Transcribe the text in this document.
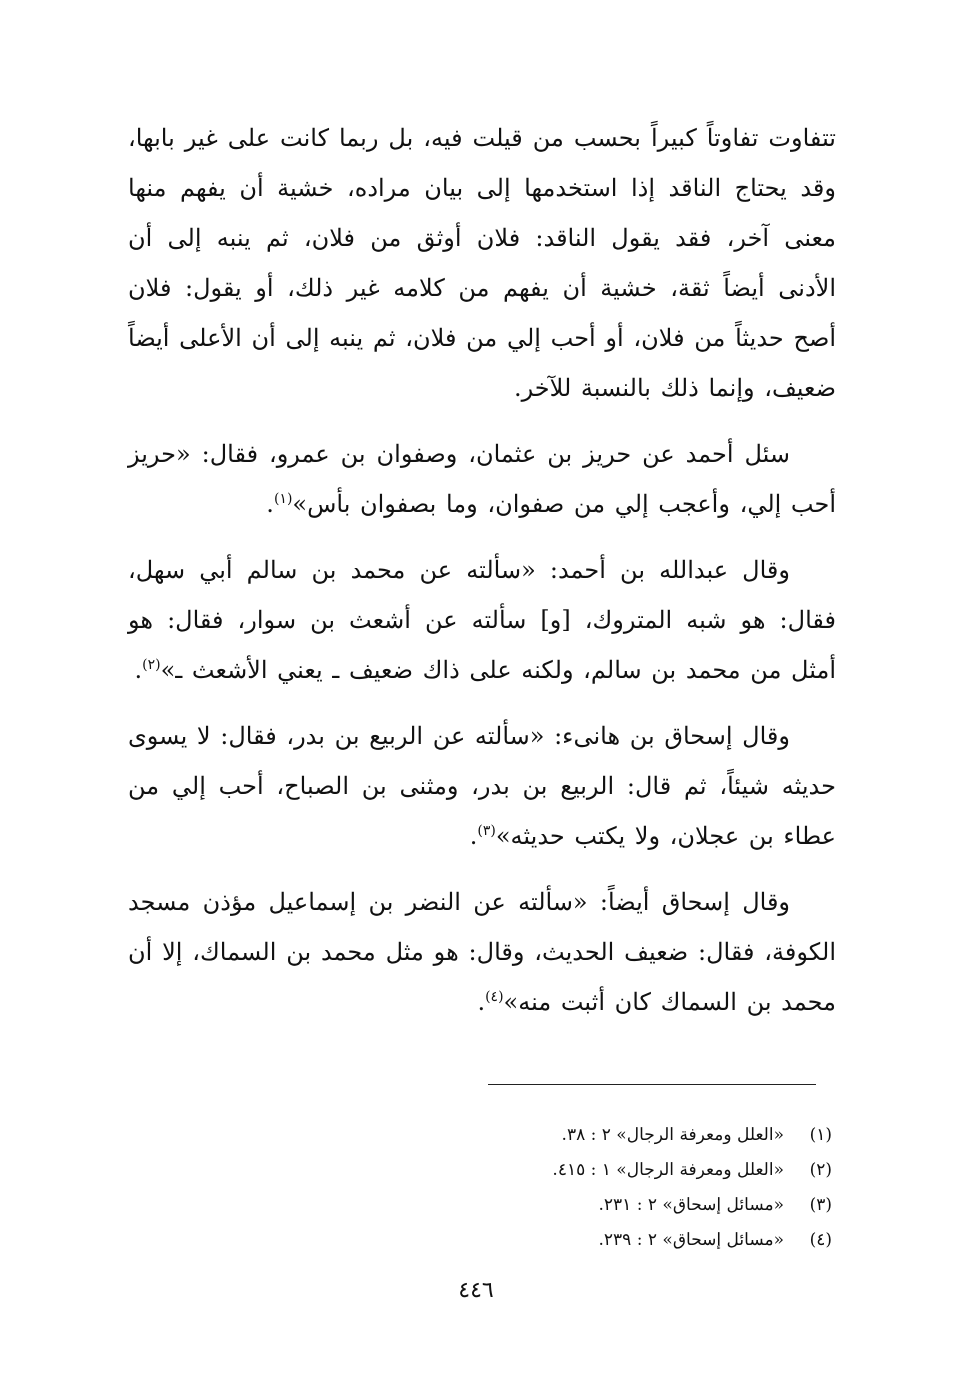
تتفاوت تفاوتاً كبيراً بحسب من قيلت فيه، بل ربما كانت على غير بابها، وقد يحتاج الناقد إذا استخدمها إلى بيان مراده، خشية أن يفهم منها معنى آخر، فقد يقول الناقد: فلان أوثق من فلان، ثم ينبه إلى أن الأدنى أيضاً ثقة، خشية أن يفهم من كلامه غير ذلك، أو يقول: فلان أصح حديثاً من فلان، أو أحب إلي من فلان، ثم ينبه إلى أن الأعلى أيضاً ضعيف، وإنما ذلك بالنسبة للآخر.

سئل أحمد عن حريز بن عثمان، وصفوان بن عمرو، فقال: «حريز أحب إلي، وأعجب إلي من صفوان، وما بصفوان بأس»$^{(١)}$.

وقال عبدالله بن أحمد: «سألته عن محمد بن سالم أبي سهل، فقال: هو شبه المتروك، [و] سألته عن أشعث بن سوار، فقال: هو أمثل من محمد بن سالم، ولكنه على ذاك ضعيف ـ يعني الأشعث ـ»$^{(٢)}$.

وقال إسحاق بن هانىء: «سألته عن الربيع بن بدر، فقال: لا يسوى حديثه شيئاً، ثم قال: الربيع بن بدر، ومثنى بن الصباح، أحب إلي من عطاء بن عجلان، ولا يكتب حديثه»$^{(٣)}$.

وقال إسحاق أيضاً: «سألته عن النضر بن إسماعيل مؤذن مسجد الكوفة، فقال: ضعيف الحديث، وقال: هو مثل محمد بن السماك، إلا أن محمد بن السماك كان أثبت منه»$^{(٤)}$.

(١)«العلل ومعرفة الرجال» ٢ : ٣٨.
(٢)«العلل ومعرفة الرجال» ١ : ٤١٥.
(٣)«مسائل إسحاق» ٢ : ٢٣١.
(٤)«مسائل إسحاق» ٢ : ٢٣٩.
٤٤٦
